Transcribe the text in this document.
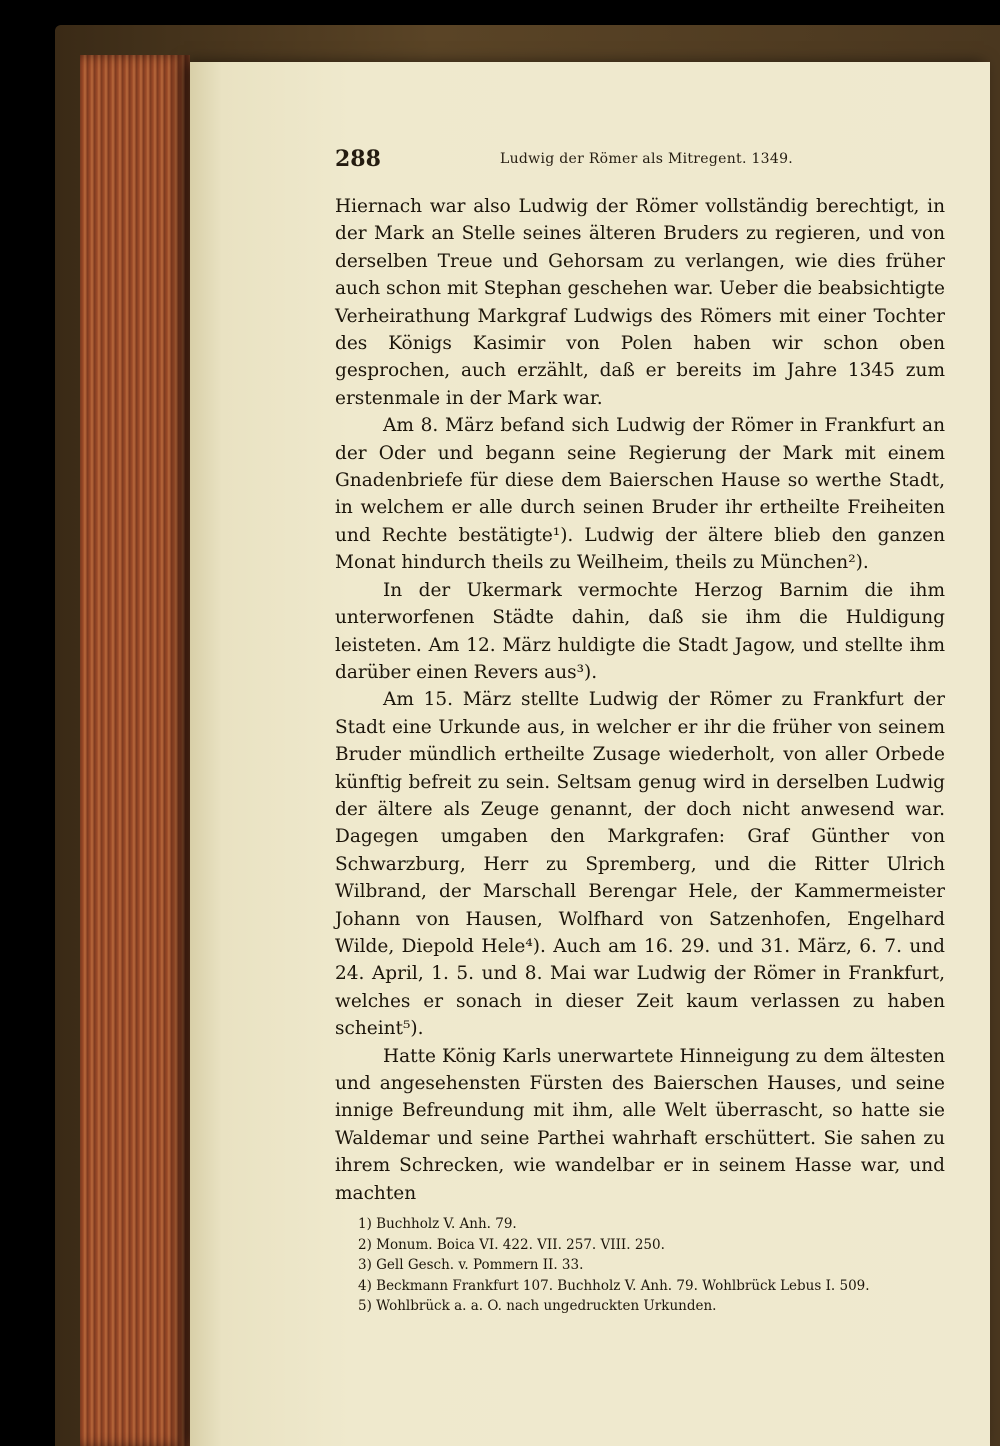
288	Ludwig der Römer als Mitregent. 1349.

Hiernach war also Ludwig der Römer vollständig berechtigt, in der Mark an Stelle seines älteren Bruders zu regieren, und von derselben Treue und Gehorsam zu verlangen, wie dies früher auch schon mit Stephan geschehen war. Ueber die beabsichtigte Verheirathung Markgraf Ludwigs des Römers mit einer Tochter des Königs Kasimir von Polen haben wir schon oben gesprochen, auch erzählt, daß er bereits im Jahre 1345 zum erstenmale in der Mark war.

Am 8. März befand sich Ludwig der Römer in Frankfurt an der Oder und begann seine Regierung der Mark mit einem Gnadenbriefe für diese dem Baierschen Hause so werthe Stadt, in welchem er alle durch seinen Bruder ihr ertheilte Freiheiten und Rechte bestätigte¹). Ludwig der ältere blieb den ganzen Monat hindurch theils zu Weilheim, theils zu München²).

In der Ukermark vermochte Herzog Barnim die ihm unterworfenen Städte dahin, daß sie ihm die Huldigung leisteten. Am 12. März huldigte die Stadt Jagow, und stellte ihm darüber einen Revers aus³).

Am 15. März stellte Ludwig der Römer zu Frankfurt der Stadt eine Urkunde aus, in welcher er ihr die früher von seinem Bruder mündlich ertheilte Zusage wiederholt, von aller Orbede künftig befreit zu sein. Seltsam genug wird in derselben Ludwig der ältere als Zeuge genannt, der doch nicht anwesend war. Dagegen umgaben den Markgrafen: Graf Günther von Schwarzburg, Herr zu Spremberg, und die Ritter Ulrich Wilbrand, der Marschall Berengar Hele, der Kammermeister Johann von Hausen, Wolfhard von Satzenhofen, Engelhard Wilde, Diepold Hele⁴). Auch am 16. 29. und 31. März, 6. 7. und 24. April, 1. 5. und 8. Mai war Ludwig der Römer in Frankfurt, welches er sonach in dieser Zeit kaum verlassen zu haben scheint⁵).

Hatte König Karls unerwartete Hinneigung zu dem ältesten und angesehensten Fürsten des Baierschen Hauses, und seine innige Befreundung mit ihm, alle Welt überrascht, so hatte sie Waldemar und seine Parthei wahrhaft erschüttert. Sie sahen zu ihrem Schrecken, wie wandelbar er in seinem Hasse war, und machten

1) Buchholz V. Anh. 79.
2) Monum. Boica VI. 422. VII. 257. VIII. 250.
3) Gell Gesch. v. Pommern II. 33.
4) Beckmann Frankfurt 107. Buchholz V. Anh. 79. Wohlbrück Lebus I. 509.
5) Wohlbrück a. a. O. nach ungedruckten Urkunden.
